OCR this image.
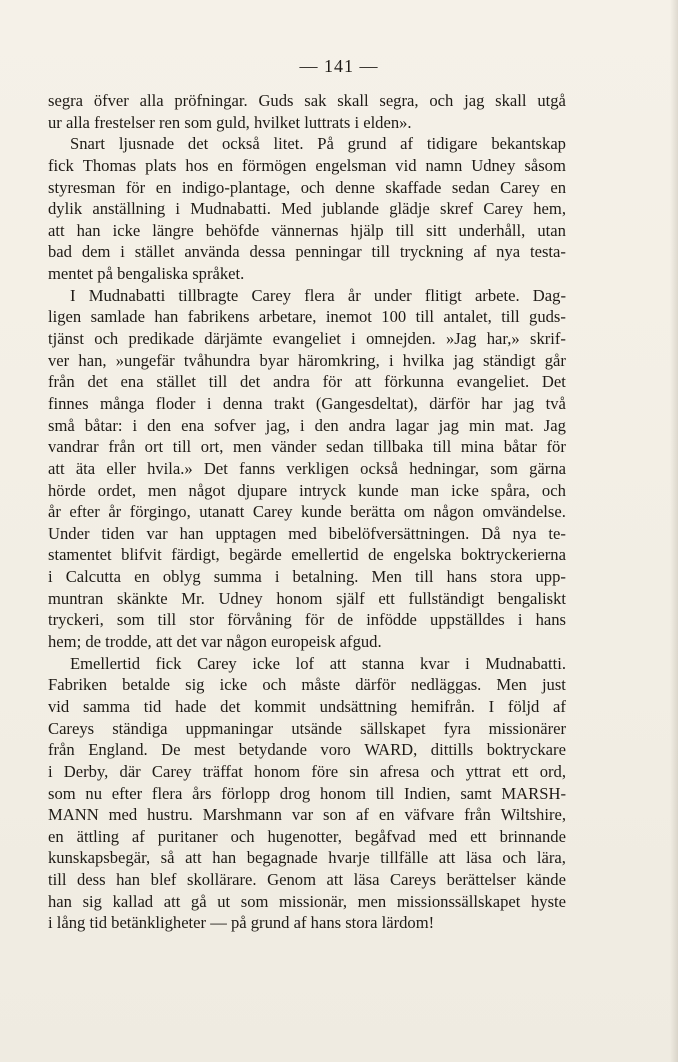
— 141 —
segra öfver alla pröfningar. Guds sak skall segra, och jag skall utgå
ur alla frestelser ren som guld, hvilket luttrats i elden».
Snart ljusnade det också litet. På grund af tidigare bekantskap
fick Thomas plats hos en förmögen engelsman vid namn Udney såsom
styresman för en indigo-plantage, och denne skaffade sedan Carey en
dylik anställning i Mudnabatti. Med jublande glädje skref Carey hem,
att han icke längre behöfde vännernas hjälp till sitt underhåll, utan
bad dem i stället använda dessa penningar till tryckning af nya testa-
mentet på bengaliska språket.
I Mudnabatti tillbragte Carey flera år under flitigt arbete. Dag-
ligen samlade han fabrikens arbetare, inemot 100 till antalet, till guds-
tjänst och predikade därjämte evangeliet i omnejden. »Jag har,» skrif-
ver han, »ungefär tvåhundra byar häromkring, i hvilka jag ständigt går
från det ena stället till det andra för att förkunna evangeliet. Det
finnes många floder i denna trakt (Gangesdeltat), därför har jag två
små båtar: i den ena sofver jag, i den andra lagar jag min mat. Jag
vandrar från ort till ort, men vänder sedan tillbaka till mina båtar för
att äta eller hvila.» Det fanns verkligen också hedningar, som gärna
hörde ordet, men något djupare intryck kunde man icke spåra, och
år efter år förgingo, utanatt Carey kunde berätta om någon omvändelse.
Under tiden var han upptagen med bibelöfversättningen. Då nya te-
stamentet blifvit färdigt, begärde emellertid de engelska boktryckerierna
i Calcutta en oblyg summa i betalning. Men till hans stora upp-
muntran skänkte Mr. Udney honom själf ett fullständigt bengaliskt
tryckeri, som till stor förvåning för de infödde uppställdes i hans
hem; de trodde, att det var någon europeisk afgud.
Emellertid fick Carey icke lof att stanna kvar i Mudnabatti.
Fabriken betalde sig icke och måste därför nedläggas. Men just
vid samma tid hade det kommit undsättning hemifrån. I följd af
Careys ständiga uppmaningar utsände sällskapet fyra missionärer
från England. De mest betydande voro WARD, dittills boktryckare
i Derby, där Carey träffat honom före sin afresa och yttrat ett ord,
som nu efter flera års förlopp drog honom till Indien, samt MARSH-
MANN med hustru. Marshmann var son af en väfvare från Wiltshire,
en ättling af puritaner och hugenotter, begåfvad med ett brinnande
kunskapsbegär, så att han begagnade hvarje tillfälle att läsa och lära,
till dess han blef skollärare. Genom att läsa Careys berättelser kände
han sig kallad att gå ut som missionär, men missionssällskapet hyste
i lång tid betänkligheter — på grund af hans stora lärdom!
